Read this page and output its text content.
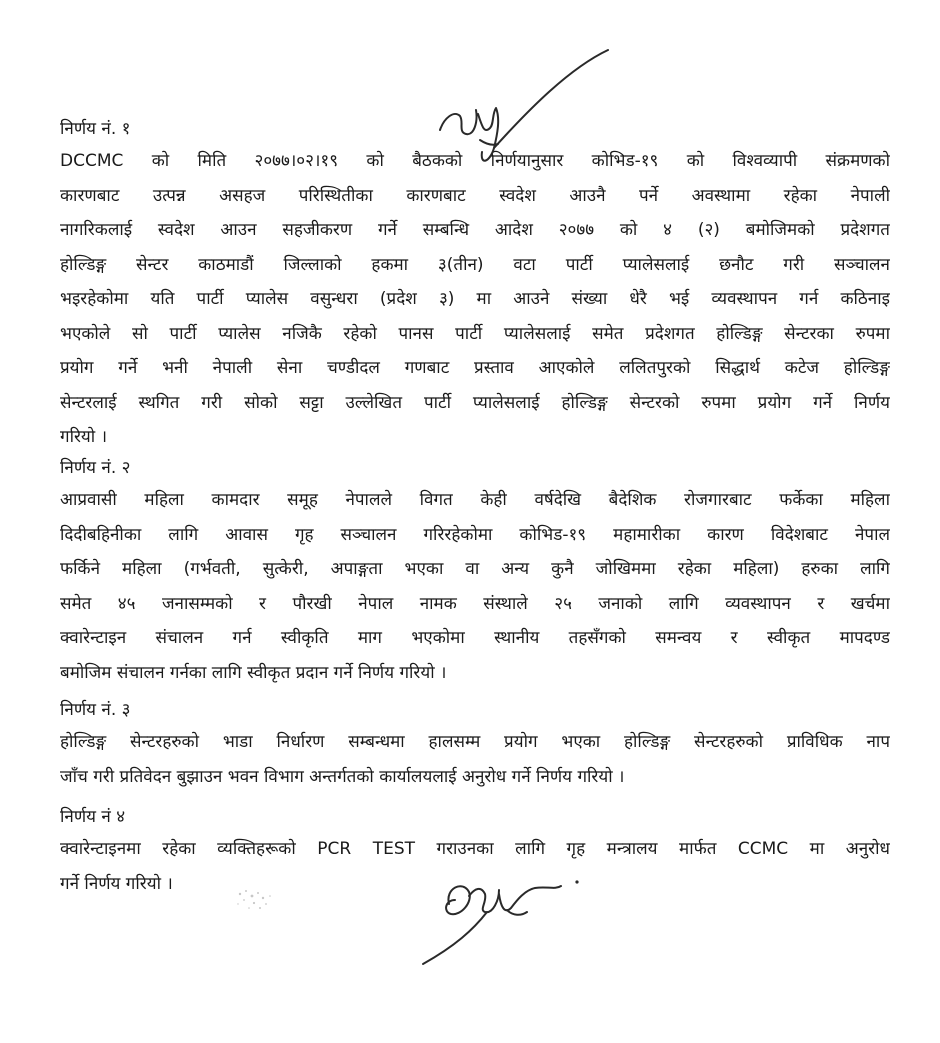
निर्णय नं. १
DCCMC को मिति २०७७।०२।१९ को बैठकको निर्णयानुसार कोभिड-१९ को विश्वव्यापी संक्रमणको
कारणबाट उत्पन्न असहज परिस्थितीका कारणबाट स्वदेश आउनै पर्ने अवस्थामा रहेका नेपाली
नागरिकलाई स्वदेश आउन सहजीकरण गर्ने सम्बन्धि आदेश २०७७ को ४ (२) बमोजिमको प्रदेशगत
होल्डिङ्ग सेन्टर काठमाडौं जिल्लाको हकमा ३(तीन) वटा पार्टी प्यालेसलाई छनौट गरी सञ्चालन
भइरहेकोमा यति पार्टी प्यालेस वसुन्धरा (प्रदेश ३) मा आउने संख्या धेरै भई व्यवस्थापन गर्न कठिनाइ
भएकोले सो पार्टी प्यालेस नजिकै रहेको पानस पार्टी प्यालेसलाई समेत प्रदेशगत होल्डिङ्ग सेन्टरका रुपमा
प्रयोग गर्ने भनी नेपाली सेना चण्डीदल गणबाट प्रस्ताव आएकोले ललितपुरको सिद्धार्थ कटेज होल्डिङ्ग
सेन्टरलाई स्थगित गरी सोको सट्टा उल्लेखित पार्टी प्यालेसलाई होल्डिङ्ग सेन्टरको रुपमा प्रयोग गर्ने निर्णय
गरियो ।
निर्णय नं. २
आप्रवासी महिला कामदार समूह नेपालले विगत केही वर्षदेखि बैदेशिक रोजगारबाट फर्केका महिला
दिदीबहिनीका लागि आवास गृह सञ्चालन गरिरहेकोमा कोभिड-१९ महामारीका कारण विदेशबाट नेपाल
फर्किने महिला (गर्भवती, सुत्केरी, अपाङ्गता भएका वा अन्य कुनै जोखिममा रहेका महिला) हरुका लागि
समेत ४५ जनासम्मको र पौरखी नेपाल नामक संस्थाले २५ जनाको लागि व्यवस्थापन र खर्चमा
क्वारेन्टाइन संचालन गर्न स्वीकृति माग भएकोमा स्थानीय तहसँगको समन्वय र स्वीकृत मापदण्ड
बमोजिम संचालन गर्नका लागि स्वीकृत प्रदान गर्ने निर्णय गरियो ।
निर्णय नं. ३
होल्डिङ्ग सेन्टरहरुको भाडा निर्धारण सम्बन्धमा हालसम्म प्रयोग भएका होल्डिङ्ग सेन्टरहरुको प्राविधिक नाप
जाँच गरी प्रतिवेदन बुझाउन भवन विभाग अन्तर्गतको कार्यालयलाई अनुरोध गर्ने निर्णय गरियो ।
निर्णय नं ४
क्वारेन्टाइनमा रहेका व्यक्तिहरूको PCR TEST गराउनका लागि गृह मन्त्रालय मार्फत CCMC मा अनुरोध
गर्ने निर्णय गरियो ।
